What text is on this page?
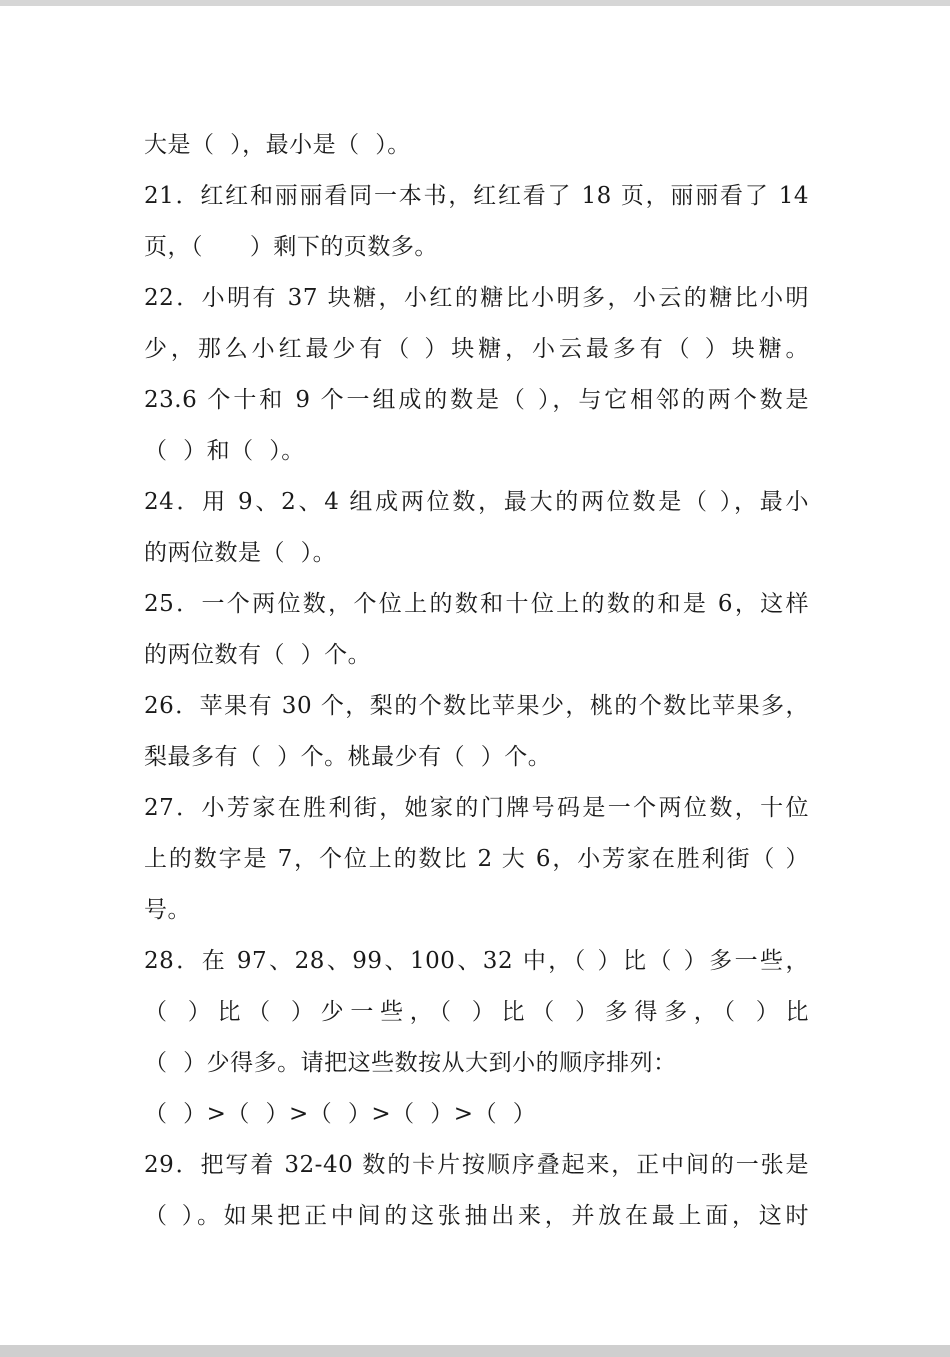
大是（  ），最小是（  ）。
21．红红和丽丽看同一本书，红红看了 18 页，丽丽看了 14
页，（      ）剩下的页数多。
22．小明有 37 块糖，小红的糖比小明多，小云的糖比小明
少，那么小红最少有（ ）块糖，小云最多有（ ）块糖。
23.6 个十和 9 个一组成的数是（ ），与它相邻的两个数是
（  ）和（  ）。
24．用 9、2、4 组成两位数，最大的两位数是（ ），最小
的两位数是（  ）。
25．一个两位数，个位上的数和十位上的数的和是 6，这样
的两位数有（  ）个。
26．苹果有 30 个，梨的个数比苹果少，桃的个数比苹果多，
梨最多有（  ）个。桃最少有（  ）个。
27．小芳家在胜利街，她家的门牌号码是一个两位数，十位
上的数字是 7，个位上的数比 2 大 6，小芳家在胜利街（ ）
号。
28．在 97、28、99、100、32 中，（ ）比（ ）多一些，
（ ）比（ ）少一些，（ ）比（ ）多得多，（ ）比
（  ）少得多。请把这些数按从大到小的顺序排列：
（  ）>（  ）>（  ）>（  ）>（  ）
29．把写着 32-40 数的卡片按顺序叠起来，正中间的一张是
（ ）。如果把正中间的这张抽出来，并放在最上面，这时
